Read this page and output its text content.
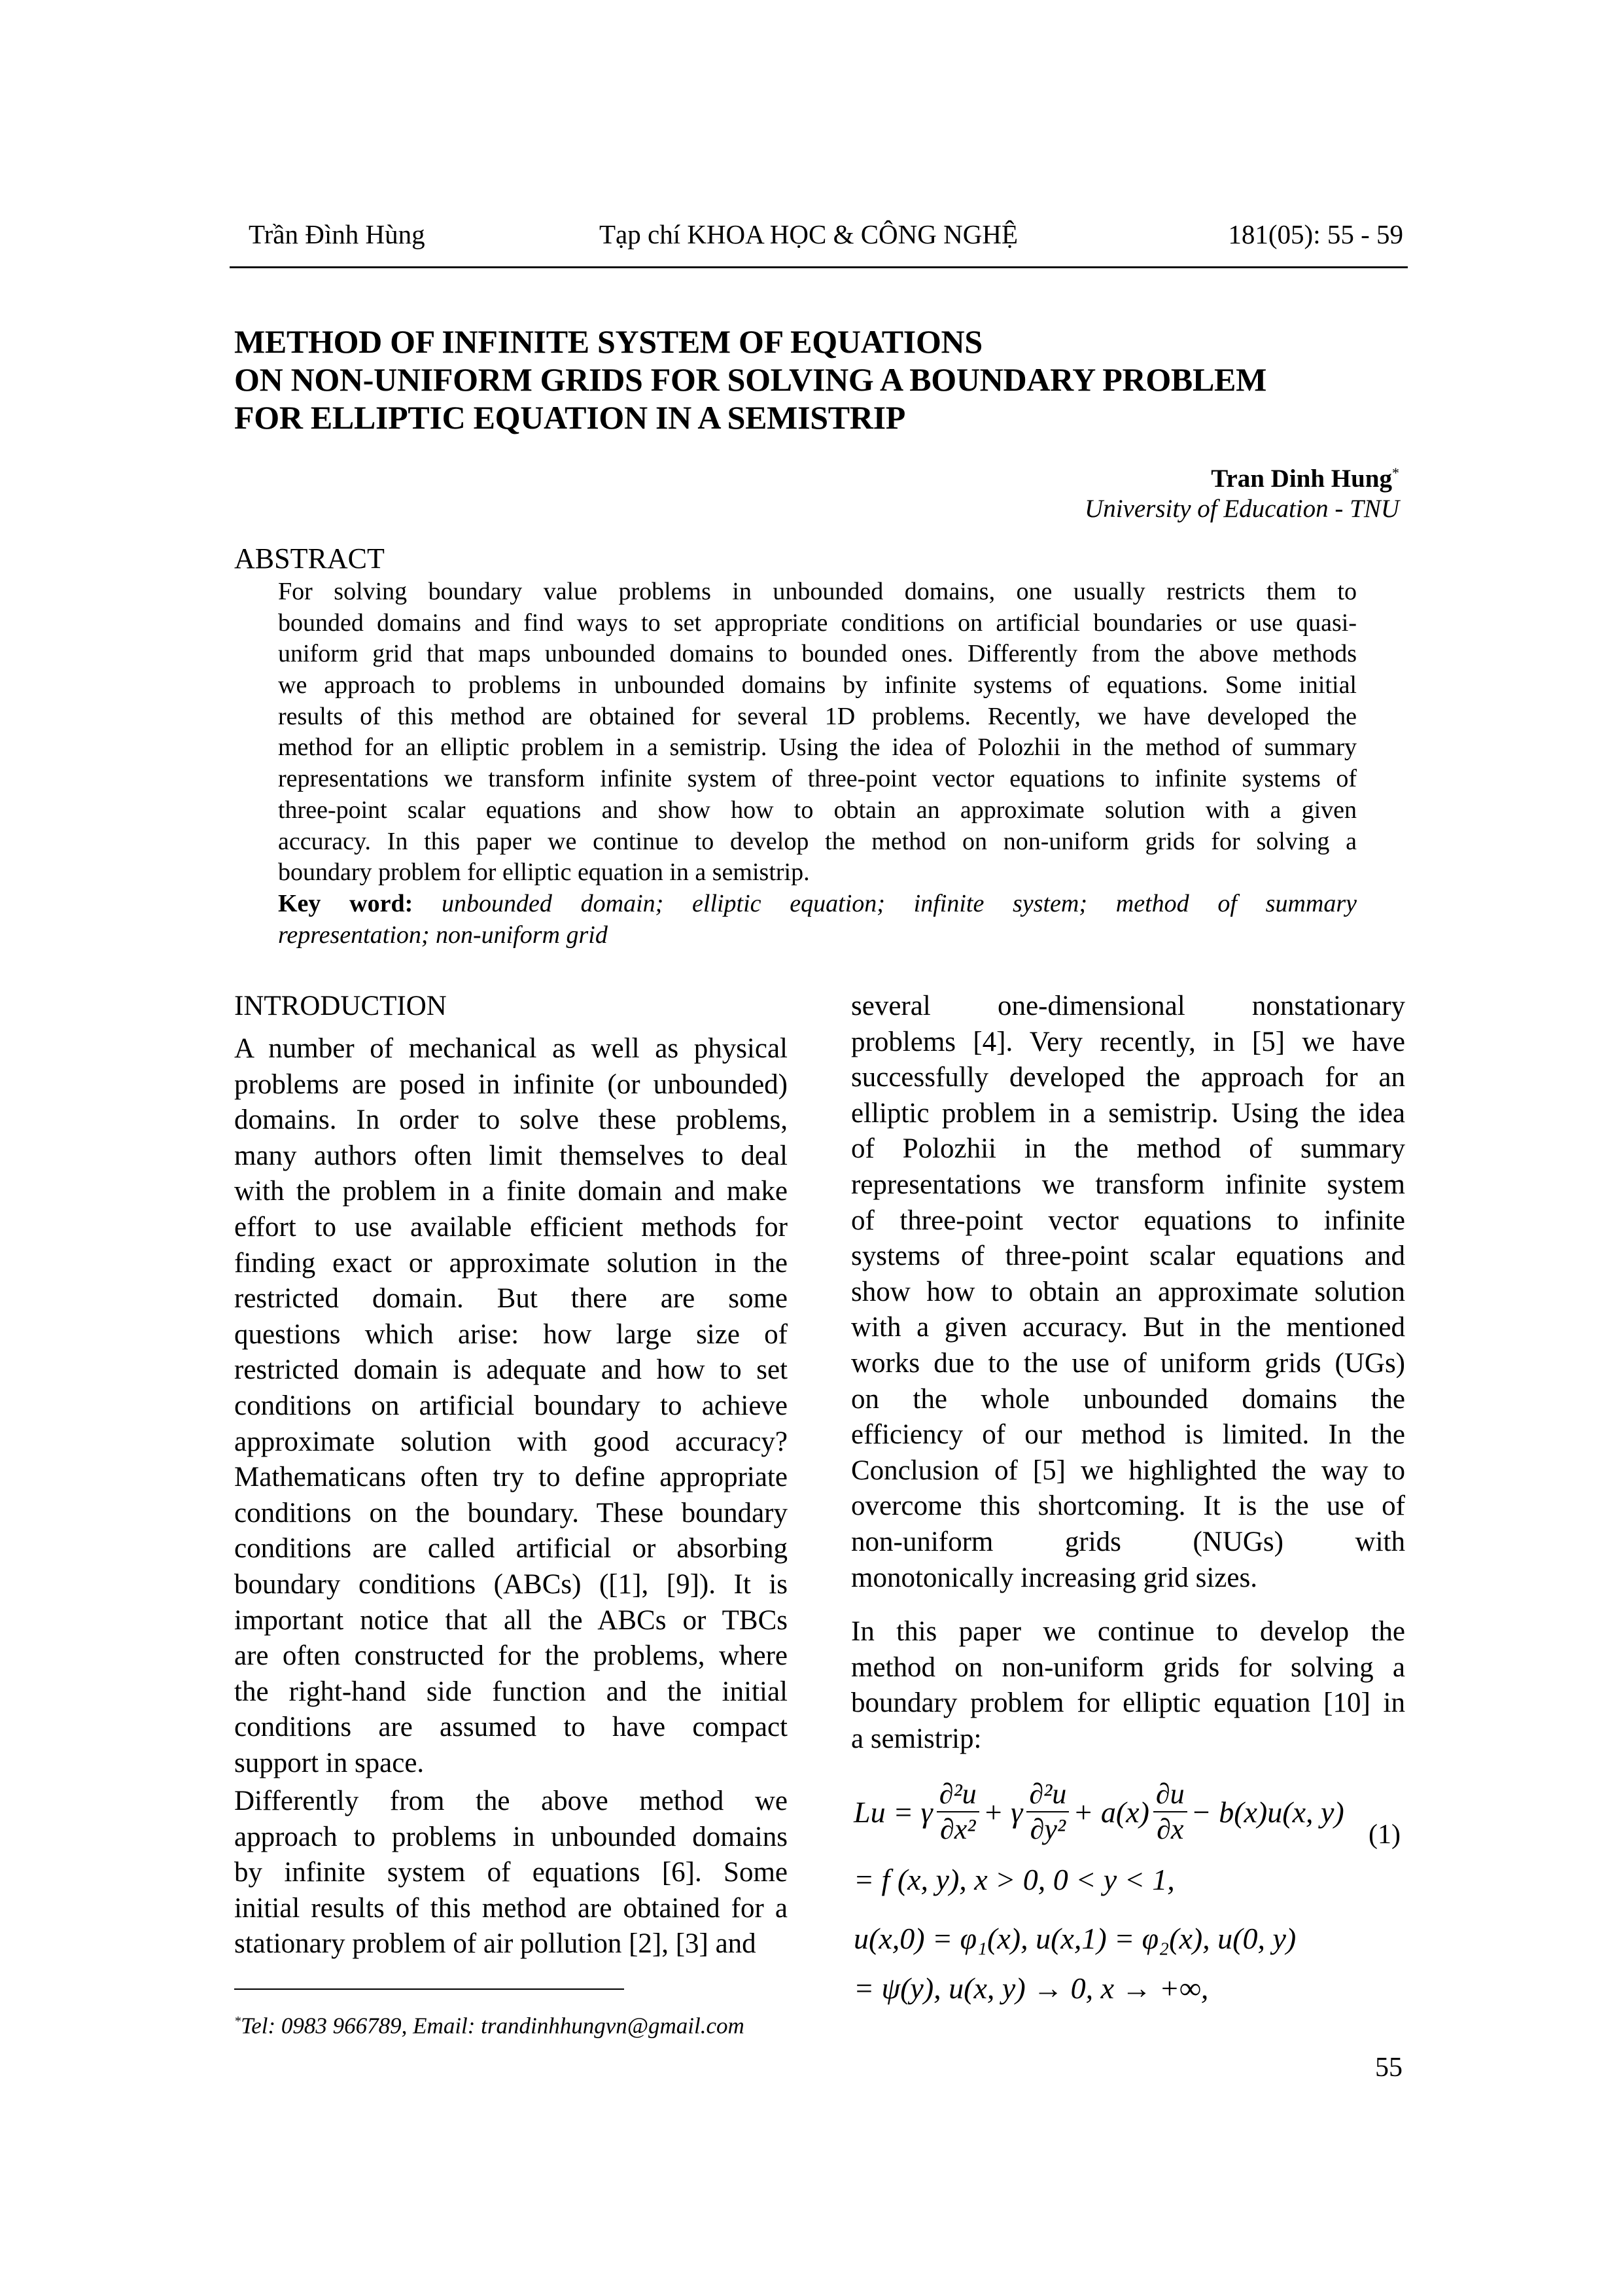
Trần Đình Hùng	Tạp chí KHOA HỌC & CÔNG NGHỆ	181(05): 55 - 59
METHOD OF INFINITE SYSTEM OF EQUATIONS
ON NON-UNIFORM GRIDS FOR SOLVING A BOUNDARY PROBLEM
FOR ELLIPTIC EQUATION IN A SEMISTRIP
Tran Dinh Hung*
University of Education - TNU
ABSTRACT
For solving boundary value problems in unbounded domains, one usually restricts them to
bounded domains and find ways to set appropriate conditions on artificial boundaries or use quasi-
uniform grid that maps unbounded domains to bounded ones. Differently from the above methods
we approach to problems in unbounded domains by infinite systems of equations. Some initial
results of this method are obtained for several 1D problems. Recently, we have developed the
method for an elliptic problem in a semistrip. Using the idea of Polozhii in the method of summary
representations we transform infinite system of three-point vector equations to infinite systems of
three-point scalar equations and show how to obtain an approximate solution with a given
accuracy. In this paper we continue to develop the method on non-uniform grids for solving a
boundary problem for elliptic equation in a semistrip.
Key word: unbounded domain; elliptic equation; infinite system; method of summary
representation; non-uniform grid
INTRODUCTION
A number of mechanical as well as physical
problems are posed in infinite (or unbounded)
domains. In order to solve these problems,
many authors often limit themselves to deal
with the problem in a finite domain and make
effort to use available efficient methods for
finding exact or approximate solution in the
restricted domain. But there are some
questions which arise: how large size of
restricted domain is adequate and how to set
conditions on artificial boundary to achieve
approximate solution with good accuracy?
Mathematicans often try to define appropriate
conditions on the boundary. These boundary
conditions are called artificial or absorbing
boundary conditions (ABCs) ([1], [9]). It is
important notice that all the ABCs or TBCs
are often constructed for the problems, where
the right-hand side function and the initial
conditions are assumed to have compact
support in space.
Differently from the above method we
approach to problems in unbounded domains
by infinite system of equations [6]. Some
initial results of this method are obtained for a
stationary problem of air pollution [2], [3] and
several one-dimensional nonstationary
problems [4]. Very recently, in [5] we have
successfully developed the approach for an
elliptic problem in a semistrip. Using the idea
of Polozhii in the method of summary
representations we transform infinite system
of three-point vector equations to infinite
systems of three-point scalar equations and
show how to obtain an approximate solution
with a given accuracy. But in the mentioned
works due to the use of uniform grids (UGs)
on the whole unbounded domains the
efficiency of our method is limited. In the
Conclusion of [5] we highlighted the way to
overcome this shortcoming. It is the use of
non-uniform grids (NUGs) with
monotonically increasing grid sizes.
In this paper we continue to develop the
method on non-uniform grids for solving a
boundary problem for elliptic equation [10] in
a semistrip:
Lu = γ
∂²u
∂x²
+ γ
∂²u
∂y²
+ a(x)
∂u
∂x
− b(x)u(x, y)
(1)
= f (x, y), x > 0, 0 < y < 1,
u(x,0) = φ₁(x), u(x,1) = φ₂(x), u(0, y)
= ψ(y), u(x, y) → 0, x → +∞,
*Tel: 0983 966789, Email: trandinhhungvn@gmail.com
55
